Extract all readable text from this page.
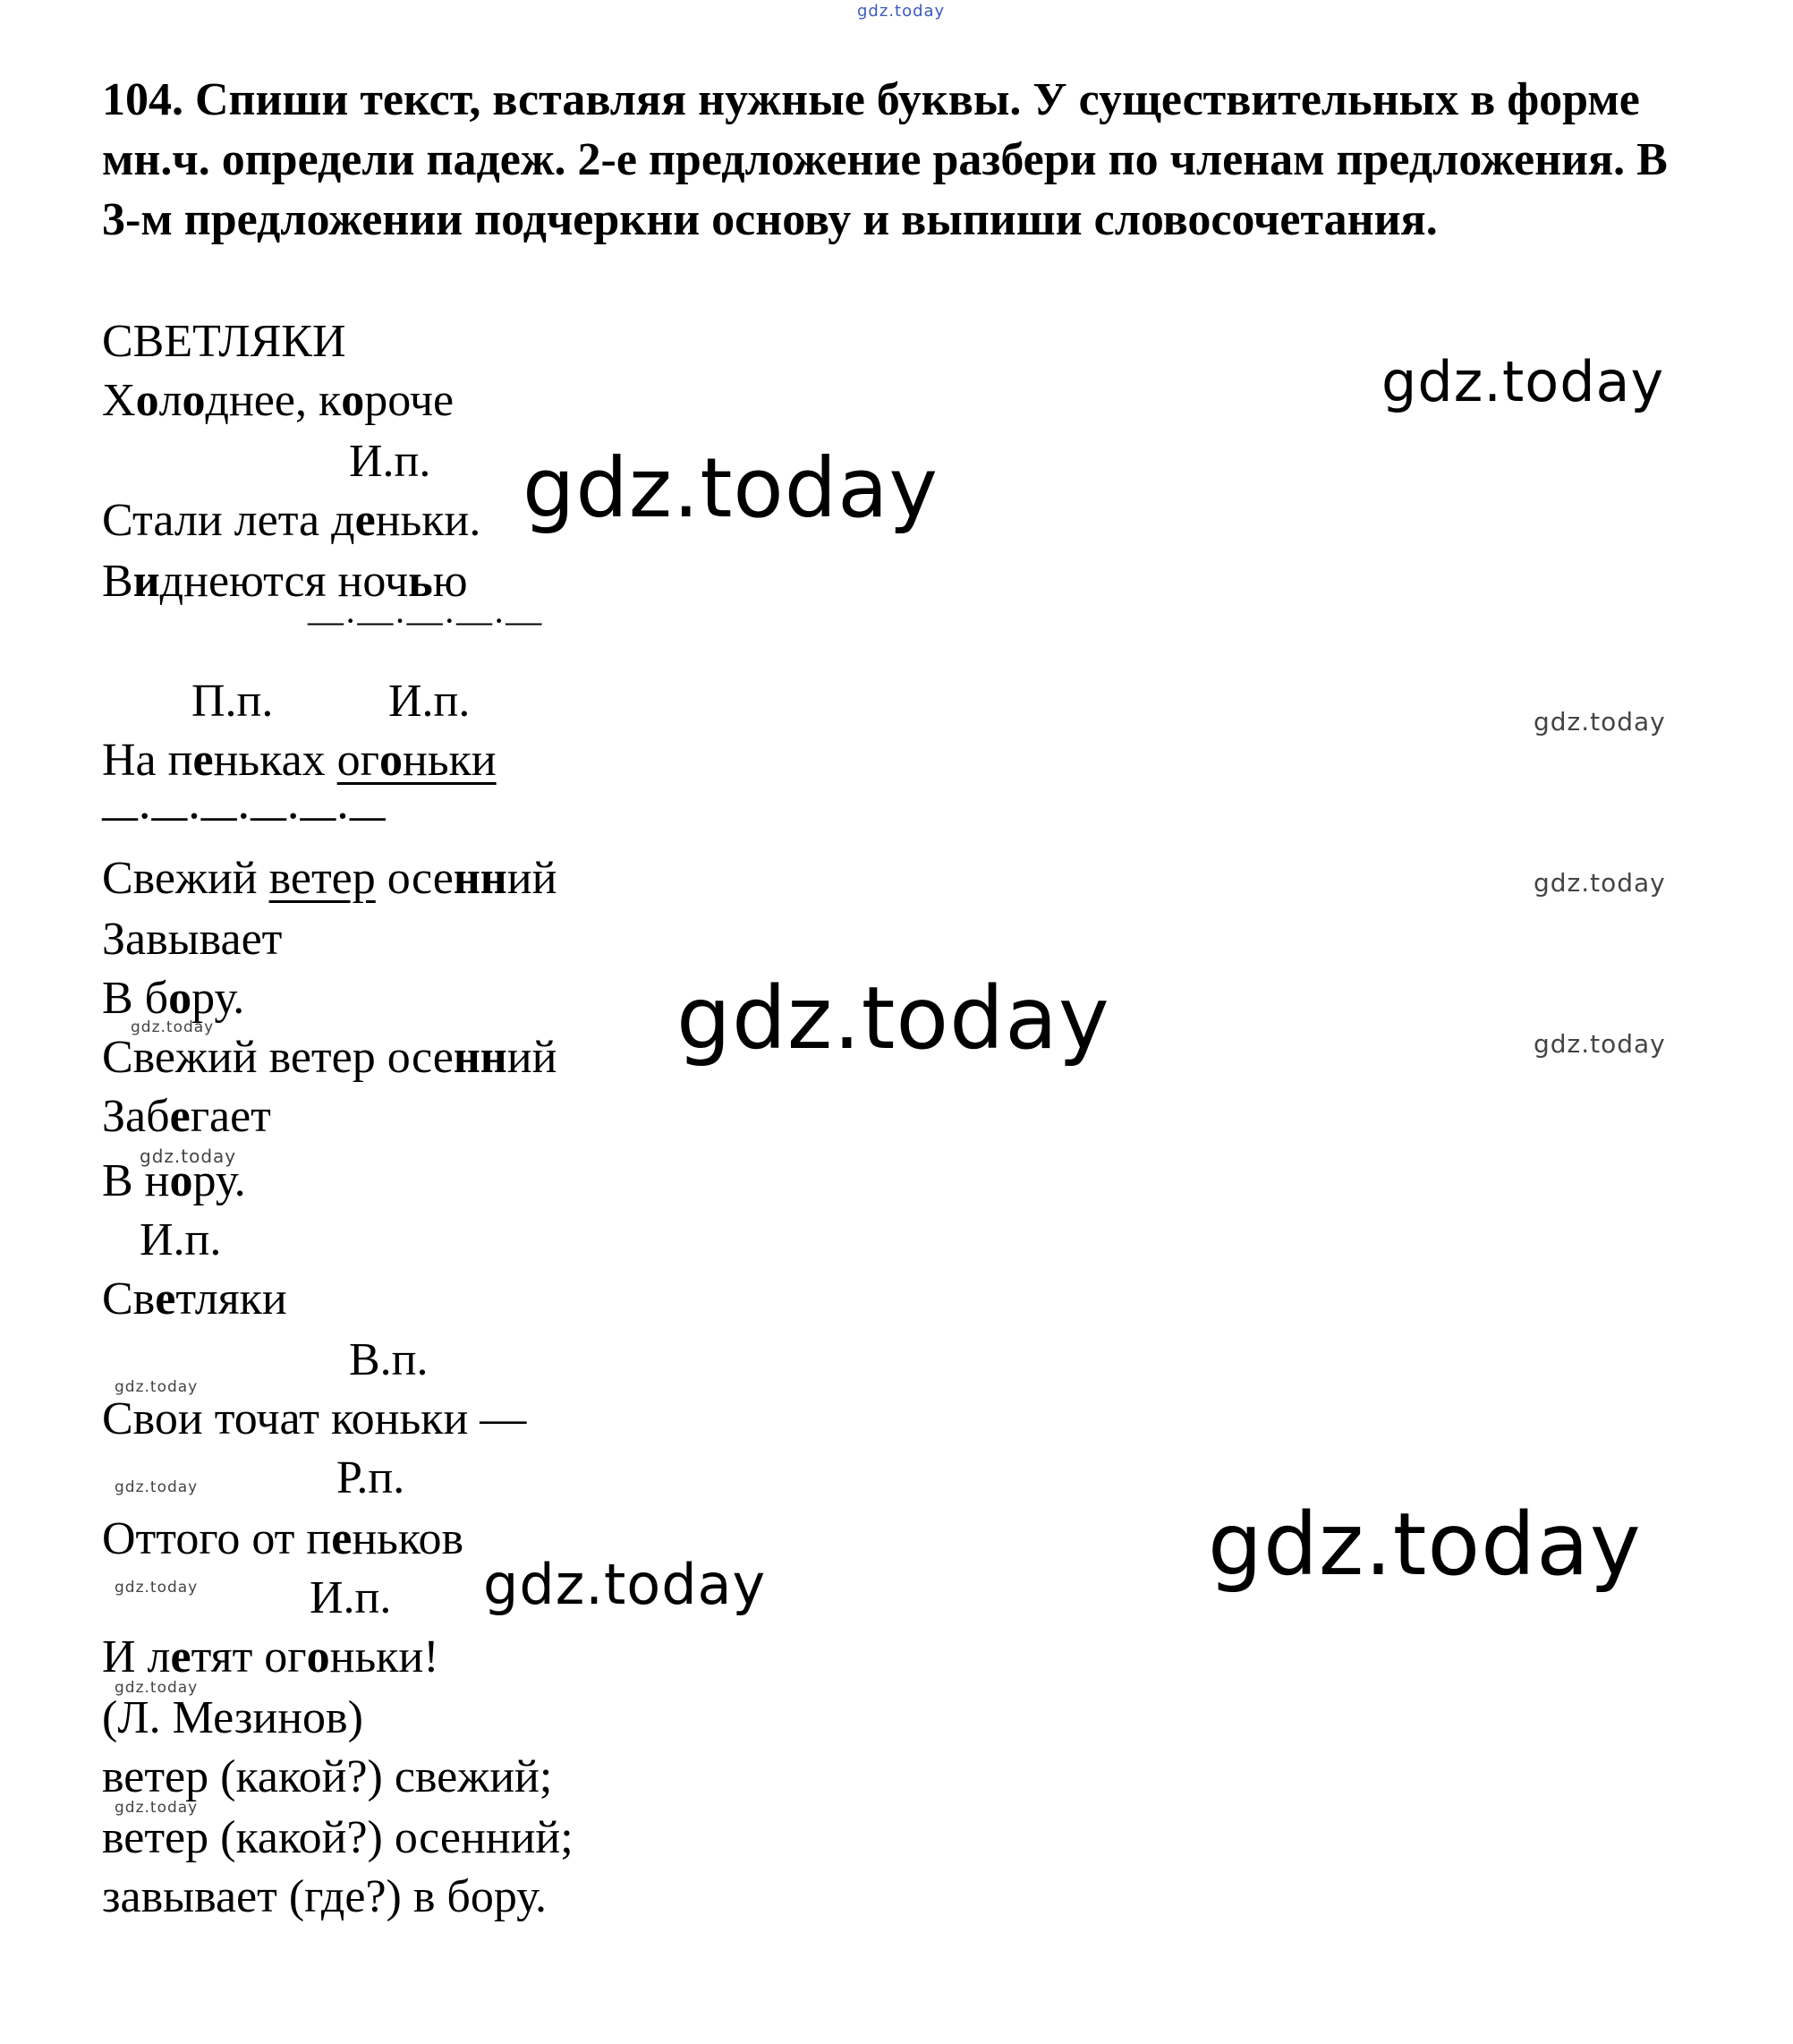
104. Спиши текст, вставляя нужные буквы. У существительных в форме мн.ч. определи падеж. 2-е предложение разбери по членам предложения. В 3-м предложении подчеркни основу и выпиши словосочетания.
gdz.today
gdz.today
gdz.today
gdz.today
gdz.today
gdz.today	gdz.today
gdz.today
gdz.today
gdz.today
gdz.today
gdz.today	gdz.today	gdz.today
gdz.today
gdz.today
СВЕТЛЯКИ
Холоднее, короче
И.п.
Стали лета деньки.
Виднеются ночью
—·—·—·—·—
П.п. И.п.
На пеньках огоньки
—·—·—·—·—·—
Свежий ветер осенний
Завывает
В бору.
Свежий ветер осенний
Забегает
В нору.
И.п.
Светляки
В.п.
Свои точат коньки —
Р.п.
Оттого от пеньков
И.п.
И летят огоньки!
(Л. Мезинов)
ветер (какой?) свежий;
ветер (какой?) осенний;
завывает (где?) в бору.
